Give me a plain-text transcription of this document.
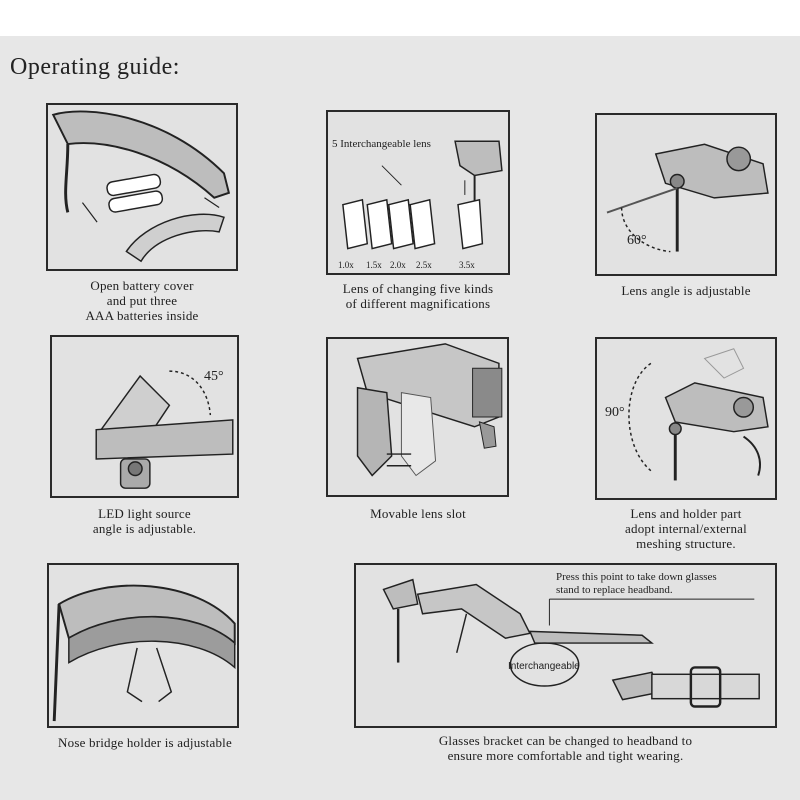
Operating guide:
Open battery cover
and put three
AAA batteries inside
5 Interchangeable lens
1.0x 1.5x 2.0x 2.5x	3.5x
Lens of changing five kinds
of different magnifications
60°
Lens angle is adjustable
45°
LED light source
angle is adjustable.
Movable lens slot
90°
Lens and holder part
adopt internal/external
meshing structure.
Nose bridge holder is adjustable
Press this point to take down glasses
stand to replace headband.
Interchangeable
Glasses bracket can be changed to headband to
ensure more comfortable and tight wearing.
